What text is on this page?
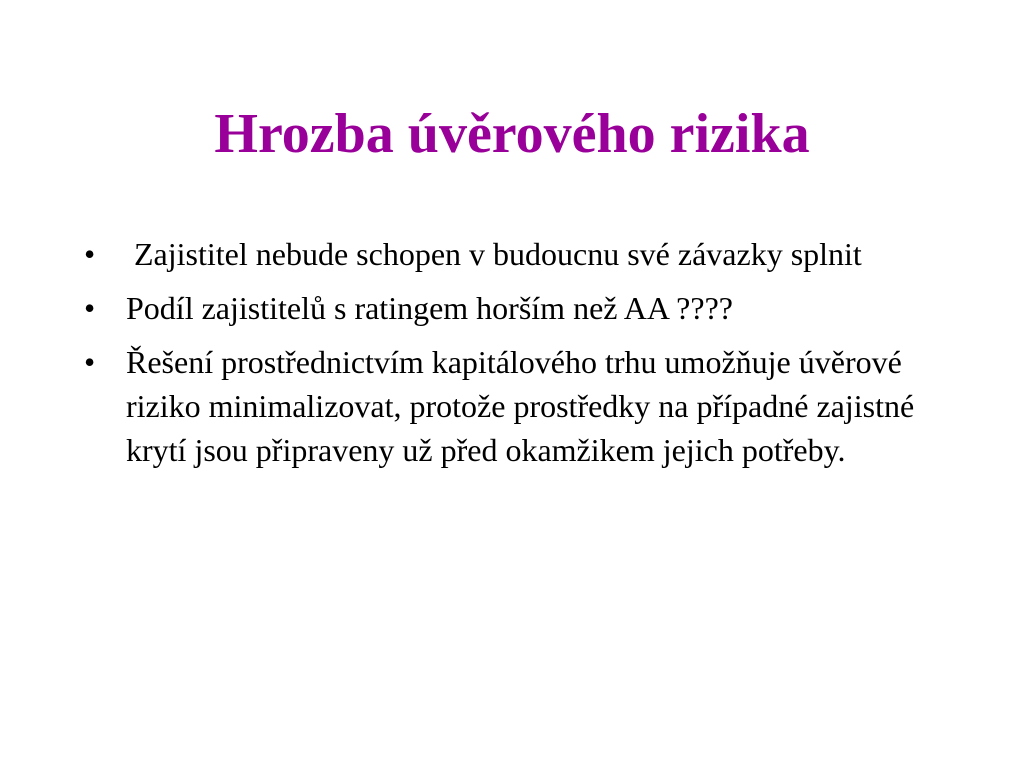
Hrozba úvěrového rizika
• Zajistitel nebude schopen v budoucnu své závazky splnit
• Podíl zajistitelů s ratingem horším než AA ????
• Řešení prostřednictvím kapitálového trhu umožňuje úvěrové riziko minimalizovat, protože prostředky na případné zajistné krytí jsou připraveny už před okamžikem jejich potřeby.
